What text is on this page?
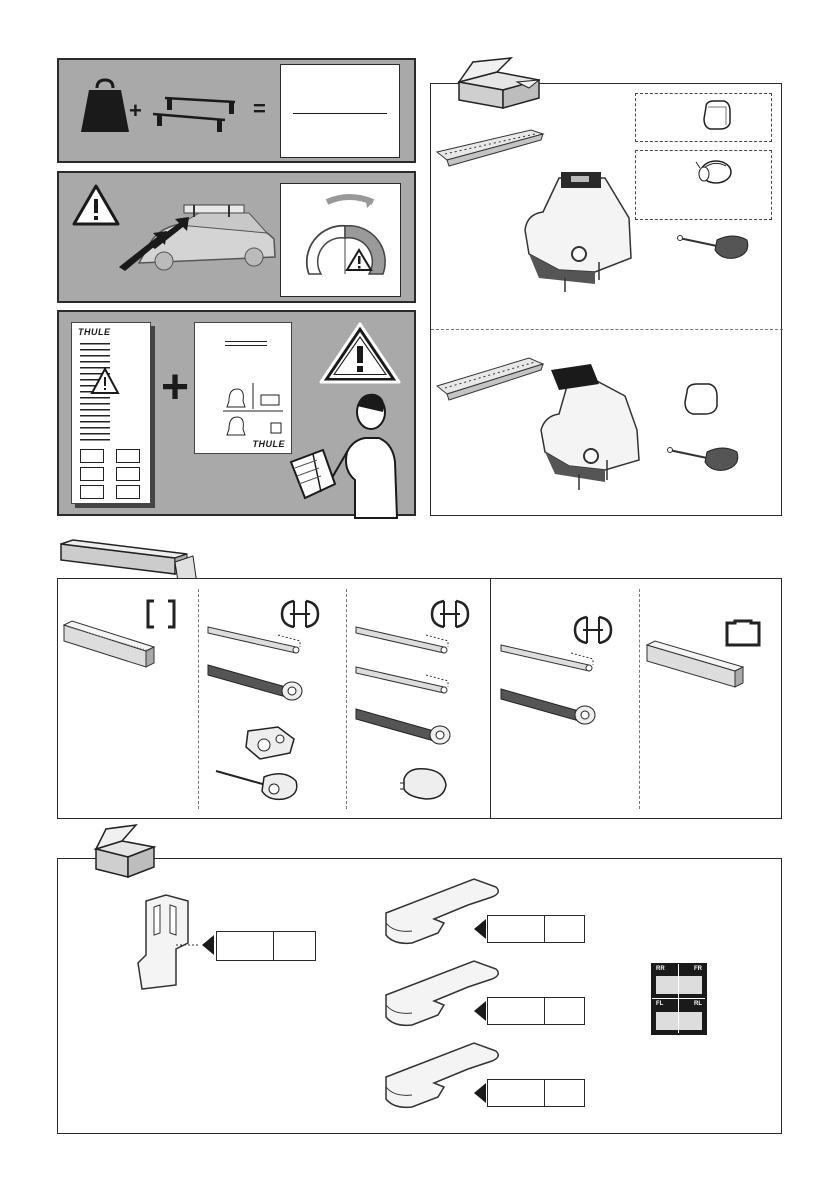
+	=
THULE
+
THULE
RR	FR
FL	RL
